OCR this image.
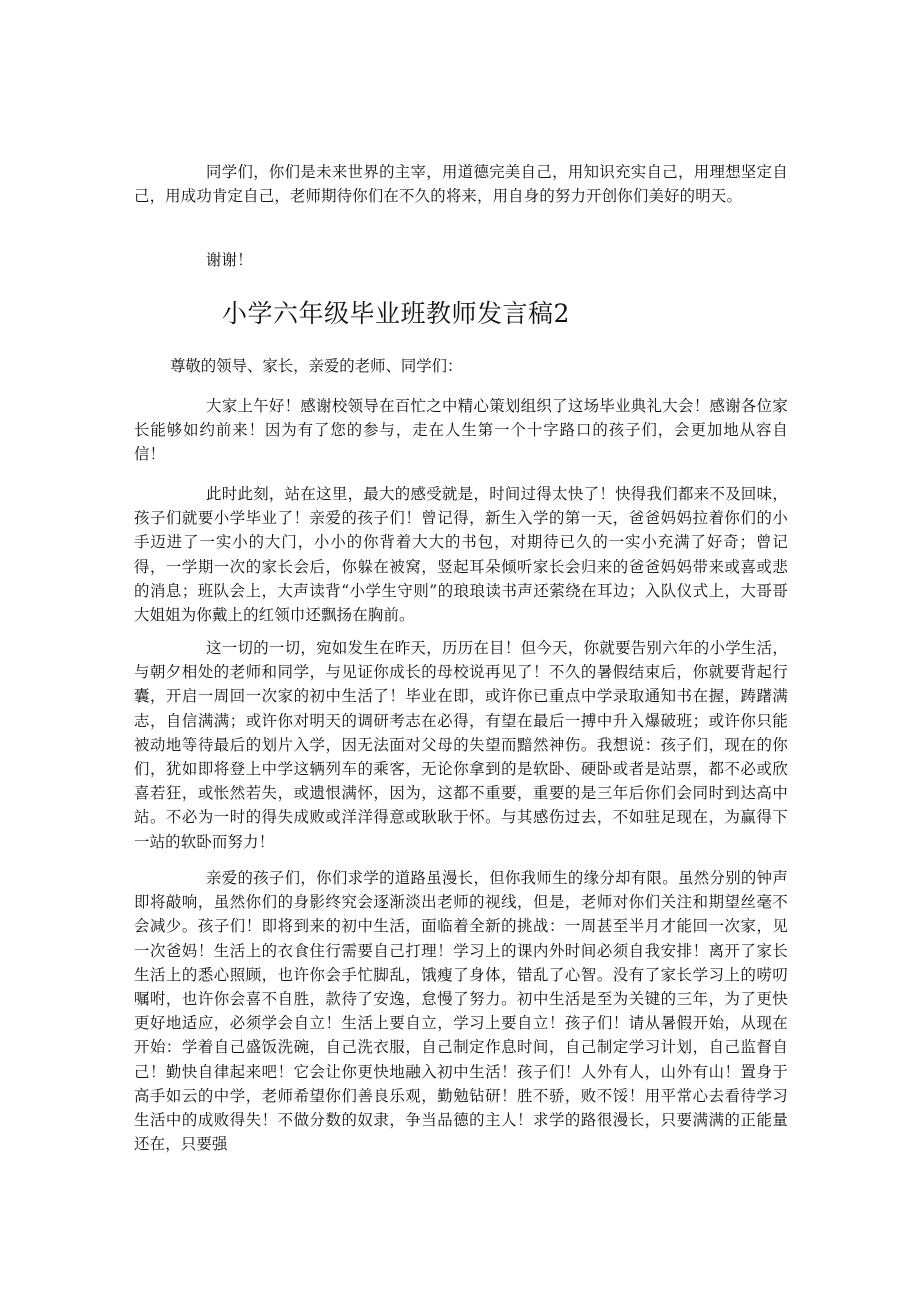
同学们，你们是未来世界的主宰，用道德完美自己，用知识充实自己，用理想坚定自己，用成功肯定自己，老师期待你们在不久的将来，用自身的努力开创你们美好的明天。

谢谢！

小学六年级毕业班教师发言稿2

尊敬的领导、家长，亲爱的老师、同学们：

大家上午好！感谢校领导在百忙之中精心策划组织了这场毕业典礼大会！感谢各位家长能够如约前来！因为有了您的参与，走在人生第一个十字路口的孩子们，会更加地从容自信！

此时此刻，站在这里，最大的感受就是，时间过得太快了！快得我们都来不及回味，孩子们就要小学毕业了！亲爱的孩子们！曾记得，新生入学的第一天，爸爸妈妈拉着你们的小手迈进了一实小的大门，小小的你背着大大的书包，对期待已久的一实小充满了好奇；曾记得，一学期一次的家长会后，你躲在被窝，竖起耳朵倾听家长会归来的爸爸妈妈带来或喜或悲的消息；班队会上，大声读背“小学生守则”的琅琅读书声还萦绕在耳边；入队仪式上，大哥哥大姐姐为你戴上的红领巾还飘扬在胸前。

这一切的一切，宛如发生在昨天，历历在目！但今天，你就要告别六年的小学生活，与朝夕相处的老师和同学，与见证你成长的母校说再见了！不久的暑假结束后，你就要背起行囊，开启一周回一次家的初中生活了！毕业在即，或许你已重点中学录取通知书在握，踌躇满志，自信满满；或许你对明天的调研考志在必得，有望在最后一搏中升入爆破班；或许你只能被动地等待最后的划片入学，因无法面对父母的失望而黯然神伤。我想说：孩子们，现在的你们，犹如即将登上中学这辆列车的乘客，无论你拿到的是软卧、硬卧或者是站票，都不必或欣喜若狂，或怅然若失，或遗恨满怀，因为，这都不重要，重要的是三年后你们会同时到达高中站。不必为一时的得失成败或洋洋得意或耿耿于怀。与其感伤过去，不如驻足现在，为赢得下一站的软卧而努力！

亲爱的孩子们，你们求学的道路虽漫长，但你我师生的缘分却有限。虽然分别的钟声即将敲响，虽然你们的身影终究会逐渐淡出老师的视线，但是，老师对你们关注和期望丝毫不会减少。孩子们！即将到来的初中生活，面临着全新的挑战：一周甚至半月才能回一次家，见一次爸妈！生活上的衣食住行需要自己打理！学习上的课内外时间必须自我安排！离开了家长生活上的悉心照顾，也许你会手忙脚乱，饿瘦了身体，错乱了心智。没有了家长学习上的唠叨嘱咐，也许你会喜不自胜，款待了安逸，怠慢了努力。初中生活是至为关键的三年，为了更快更好地适应，必须学会自立！生活上要自立，学习上要自立！孩子们！请从暑假开始，从现在开始：学着自己盛饭洗碗，自己洗衣服，自己制定作息时间，自己制定学习计划，自己监督自己！勤快自律起来吧！它会让你更快地融入初中生活！孩子们！人外有人，山外有山！置身于高手如云的中学，老师希望你们善良乐观，勤勉钻研！胜不骄，败不馁！用平常心去看待学习生活中的成败得失！不做分数的奴隶，争当品德的主人！求学的路很漫长，只要满满的正能量还在，只要强
